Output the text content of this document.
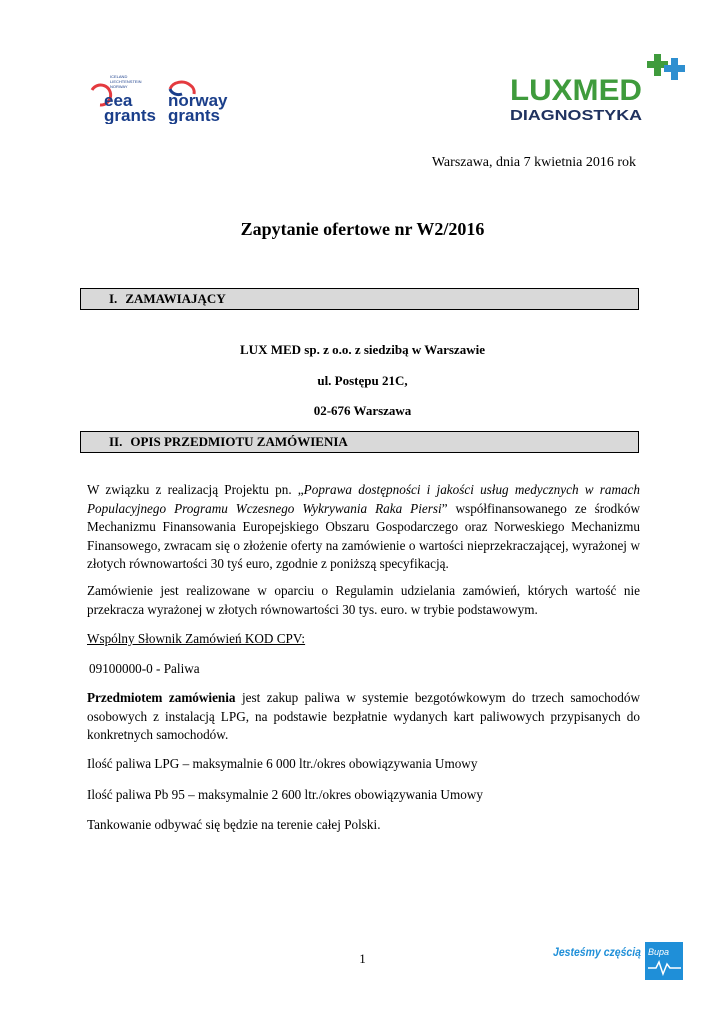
ICELAND
LIECHTENSTEIN
NORWAY
eea
grants
norway
grants
LUXMED
DIAGNOSTYKA
Warszawa, dnia 7 kwietnia 2016 rok
Zapytanie ofertowe nr W2/2016
I. ZAMAWIAJĄCY
LUX MED sp. z o.o. z siedzibą w Warszawie
ul. Postępu 21C,
02-676 Warszawa
II. OPIS PRZEDMIOTU ZAMÓWIENIA
W związku z realizacją Projektu pn. „Poprawa dostępności i jakości usług medycznych w ramach Populacyjnego Programu Wczesnego Wykrywania Raka Piersi” współfinansowanego ze środków Mechanizmu Finansowania Europejskiego Obszaru Gospodarczego oraz Norweskiego Mechanizmu Finansowego, zwracam się o złożenie oferty na zamówienie o wartości nieprzekraczającej, wyrażonej w złotych równowartości 30 tyś euro, zgodnie z poniższą specyfikacją.
Zamówienie jest realizowane w oparciu o Regulamin udzielania zamówień, których wartość nie przekracza wyrażonej w złotych równowartości 30 tys. euro. w trybie podstawowym.
Wspólny Słownik Zamówień KOD CPV:
09100000-0 - Paliwa
Przedmiotem zamówienia jest zakup paliwa w systemie bezgotówkowym do trzech samochodów osobowych z instalacją LPG, na podstawie bezpłatnie wydanych kart paliwowych przypisanych do konkretnych samochodów.
Ilość paliwa LPG – maksymalnie 6 000 ltr./okres obowiązywania Umowy
Ilość paliwa Pb 95 – maksymalnie 2 600 ltr./okres obowiązywania Umowy
Tankowanie odbywać się będzie na terenie całej Polski.
1	Jesteśmy częścią Bupa
